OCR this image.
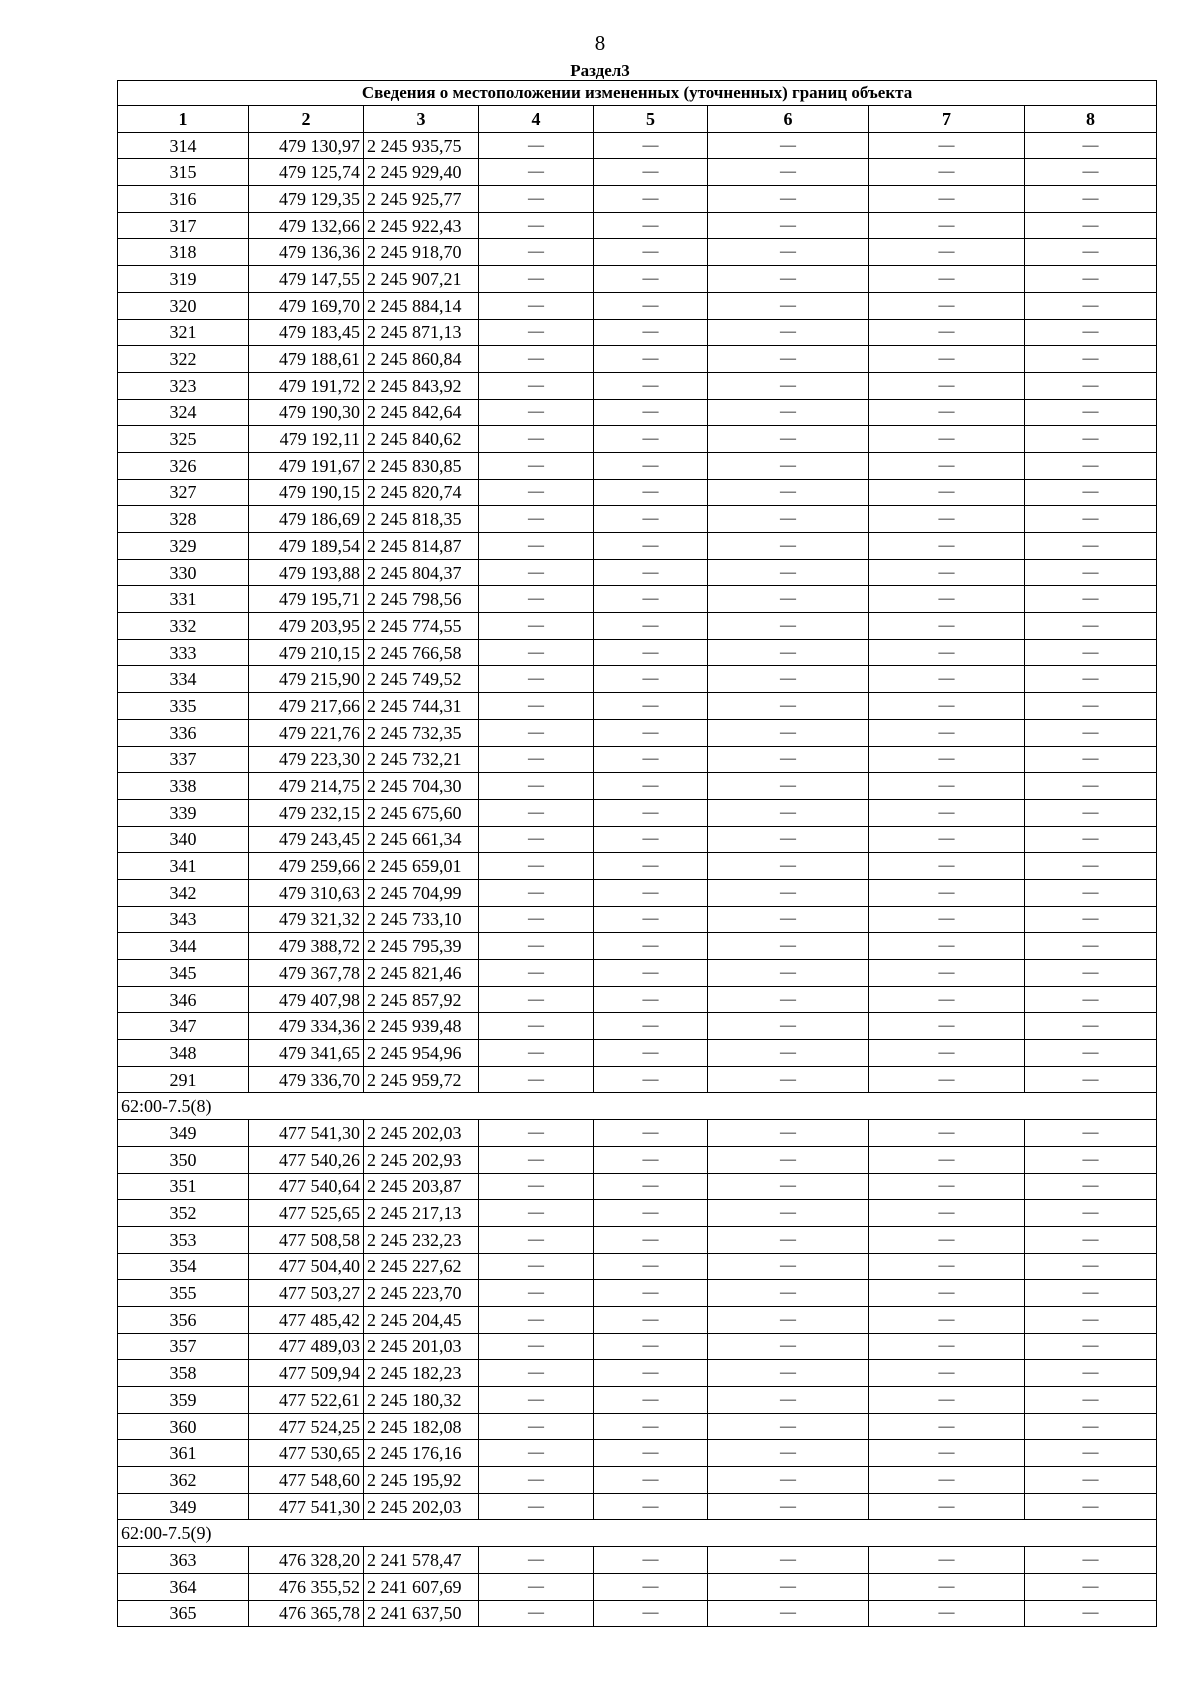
8
Раздел3
Сведения о местоположении измененных (уточненных) границ объекта							
1	2	3	4	5	6	7	8
314	479 130,97	2 245 935,75	—	—	—	—	—
315	479 125,74	2 245 929,40	—	—	—	—	—
316	479 129,35	2 245 925,77	—	—	—	—	—
317	479 132,66	2 245 922,43	—	—	—	—	—
318	479 136,36	2 245 918,70	—	—	—	—	—
319	479 147,55	2 245 907,21	—	—	—	—	—
320	479 169,70	2 245 884,14	—	—	—	—	—
321	479 183,45	2 245 871,13	—	—	—	—	—
322	479 188,61	2 245 860,84	—	—	—	—	—
323	479 191,72	2 245 843,92	—	—	—	—	—
324	479 190,30	2 245 842,64	—	—	—	—	—
325	479 192,11	2 245 840,62	—	—	—	—	—
326	479 191,67	2 245 830,85	—	—	—	—	—
327	479 190,15	2 245 820,74	—	—	—	—	—
328	479 186,69	2 245 818,35	—	—	—	—	—
329	479 189,54	2 245 814,87	—	—	—	—	—
330	479 193,88	2 245 804,37	—	—	—	—	—
331	479 195,71	2 245 798,56	—	—	—	—	—
332	479 203,95	2 245 774,55	—	—	—	—	—
333	479 210,15	2 245 766,58	—	—	—	—	—
334	479 215,90	2 245 749,52	—	—	—	—	—
335	479 217,66	2 245 744,31	—	—	—	—	—
336	479 221,76	2 245 732,35	—	—	—	—	—
337	479 223,30	2 245 732,21	—	—	—	—	—
338	479 214,75	2 245 704,30	—	—	—	—	—
339	479 232,15	2 245 675,60	—	—	—	—	—
340	479 243,45	2 245 661,34	—	—	—	—	—
341	479 259,66	2 245 659,01	—	—	—	—	—
342	479 310,63	2 245 704,99	—	—	—	—	—
343	479 321,32	2 245 733,10	—	—	—	—	—
344	479 388,72	2 245 795,39	—	—	—	—	—
345	479 367,78	2 245 821,46	—	—	—	—	—
346	479 407,98	2 245 857,92	—	—	—	—	—
347	479 334,36	2 245 939,48	—	—	—	—	—
348	479 341,65	2 245 954,96	—	—	—	—	—
291	479 336,70	2 245 959,72	—	—	—	—	—
62:00-7.5(8)							
349	477 541,30	2 245 202,03	—	—	—	—	—
350	477 540,26	2 245 202,93	—	—	—	—	—
351	477 540,64	2 245 203,87	—	—	—	—	—
352	477 525,65	2 245 217,13	—	—	—	—	—
353	477 508,58	2 245 232,23	—	—	—	—	—
354	477 504,40	2 245 227,62	—	—	—	—	—
355	477 503,27	2 245 223,70	—	—	—	—	—
356	477 485,42	2 245 204,45	—	—	—	—	—
357	477 489,03	2 245 201,03	—	—	—	—	—
358	477 509,94	2 245 182,23	—	—	—	—	—
359	477 522,61	2 245 180,32	—	—	—	—	—
360	477 524,25	2 245 182,08	—	—	—	—	—
361	477 530,65	2 245 176,16	—	—	—	—	—
362	477 548,60	2 245 195,92	—	—	—	—	—
349	477 541,30	2 245 202,03	—	—	—	—	—
62:00-7.5(9)							
363	476 328,20	2 241 578,47	—	—	—	—	—
364	476 355,52	2 241 607,69	—	—	—	—	—
365	476 365,78	2 241 637,50	—	—	—	—	—
